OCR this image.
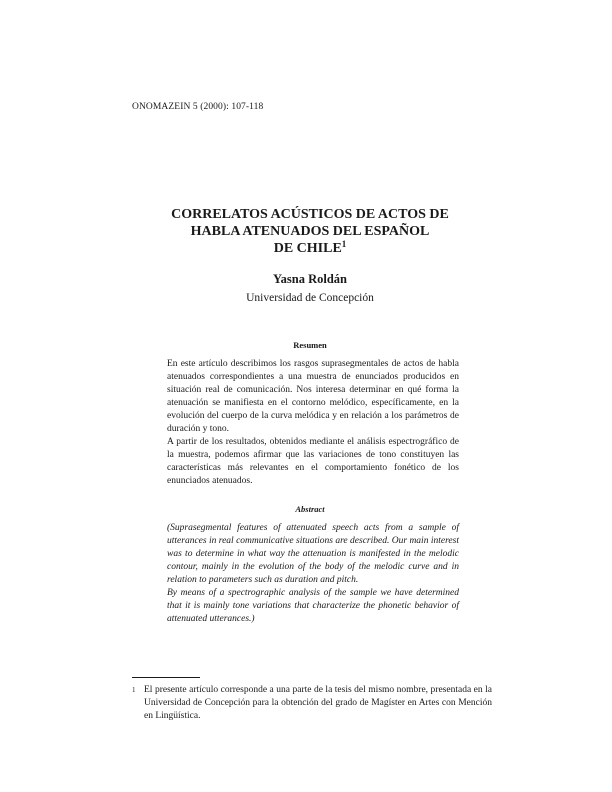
ONOMAZEIN 5 (2000): 107-118
CORRELATOS ACÚSTICOS DE ACTOS DE
HABLA ATENUADOS DEL ESPAÑOL
DE CHILE$^1$
Yasna Roldán
Universidad de Concepción
Resumen

En este artículo describimos los rasgos suprasegmentales de actos de habla atenuados correspondientes a una muestra de enunciados producidos en situación real de comunicación. Nos interesa determinar en qué forma la atenuación se manifiesta en el contorno melódico, específicamente, en la evolución del cuerpo de la curva melódica y en relación a los parámetros de duración y tono.

A partir de los resultados, obtenidos mediante el análisis espectrográfico de la muestra, podemos afirmar que las variaciones de tono constituyen las características más relevantes en el comportamiento fonético de los enunciados atenuados.

Abstract

(Suprasegmental features of attenuated speech acts from a sample of utterances in real communicative situations are described. Our main interest was to determine in what way the attenuation is manifested in the melodic contour, mainly in the evolution of the body of the melodic curve and in relation to parameters such as duration and pitch.

By means of a spectrographic analysis of the sample we have determined that it is mainly tone variations that characterize the phonetic behavior of attenuated utterances.)

1 El presente artículo corresponde a una parte de la tesis del mismo nombre, presentada en la Universidad de Concepción para la obtención del grado de Magíster en Artes con Mención en Lingüística.
